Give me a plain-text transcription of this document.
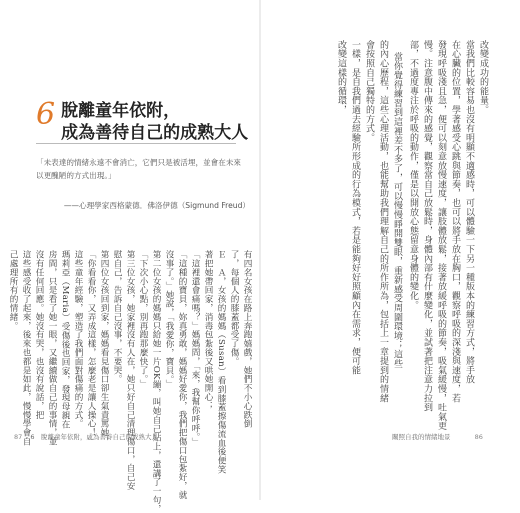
改變成功的能量。
當我們比較容易也沒有明顯不適感時，可以體驗一下另一種版本的練習方式，將手放
在心臟的位置，學著感受心跳與節奏，也可以將手放在胸口，觀察呼吸的深淺與速度，若
發現呼吸淺且急，便可以刻意放慢速度，讓肢體放鬆，接著放緩呼吸的節奏，吸氣緩慢，吐氣更
慢。注意腹中傳來的感覺，觀察當自己放鬆時，身體內部有什麼變化，並試著把注意力拉到
部，不過度專注於呼吸的動作，僅是以開放心態留意身體的變化。
當你覺得練習到這裡差不多了，可以慢慢睜開雙眼，重新感受周圍環境；這些
的內心歷程，這些心理活動，也能幫助我們理解自己的所作所為，包括上一章提到的情緒
會按照自己獨特的方式。
一樣，是自我們過去經驗所形成的行為模式，若是能夠好好照顧內在需求，便可能
改變這樣的循環，
6 脫離童年依附，
成為善待自己的成熟大人
「未表達的情緒永遠不會消亡，它們只是被活埋，並會在未來以更醜陋的方式出現。」
——心理學家西格蒙德．佛洛伊德（Sigmund Freud）
有四名女孩在路上奔跑嬉戲，她們不小心跌倒
了，每個人的膝蓋都受了傷。
Ｅ　Ａ，女孩的媽媽（Susan）看到膝蓋擦傷流血後便笑
著把她帶回家，消毒包紮後又哄她開心；
「這裡還會痛嗎？」媽媽問，「來，我幫你呼呼。」
「這種的寶貝，妳真勇敢，媽媽好愛你，我們把傷口包紮好，就
沒事了。」她說，「我愛你，寶貝。」
第二位女孩的媽媽只給她一片OK繃，叫她自己貼上，還講了一句，
「下次小心點，別再跑那麼快了。」
第三位女孩，她家裡沒有人在，她只好自己清理傷口，自己安
慰自己，告訴自己沒事，不要哭。
第四位女孩回到家，媽媽看見傷口卻生氣責罵她，
「你看看你，又弄成這樣，怎麼老是讓人操心！」
這些童年經驗，塑造了我們面對傷痛的方式。
瑪莉亞（Maria）受傷後也回家，發現母親在
房間，只是看了她一眼，又繼續做自己的事情，並
沒有任何回應。她沒有哭，也沒有說話，把
這些感受收了起來，後來也都是如此，慢慢學會自
己處理所有的情緒。
87 6　脫離童年依附，成為善待自己的成熟大人	關照自我的情緒地景	86
